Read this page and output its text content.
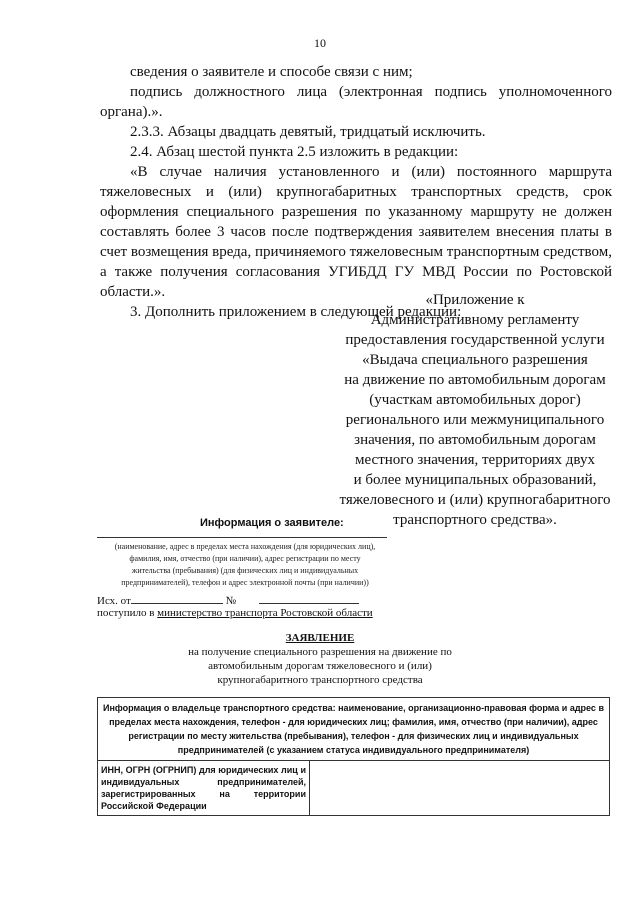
10

сведения о заявителе и способе связи с ним;

подпись должностного лица (электронная подпись уполномоченного органа).».

2.3.3. Абзацы двадцать девятый, тридцатый исключить.

2.4. Абзац шестой пункта 2.5 изложить в редакции:

«В случае наличия установленного и (или) постоянного маршрута тяжеловесных и (или) крупногабаритных транспортных средств, срок оформления специального разрешения по указанному маршруту не должен составлять более 3 часов после подтверждения заявителем внесения платы в счет возмещения вреда, причиняемого тяжеловесным транспортным средством, а также получения согласования УГИБДД ГУ МВД России по Ростовской области.».

3. Дополнить приложением в следующей редакции:

«Приложение к
Административному регламенту
предоставления государственной услуги
«Выдача специального разрешения
на движение по автомобильным дорогам
(участкам автомобильных дорог)
регионального или межмуниципального
значения, по автомобильным дорогам
местного значения, территориях двух
и более муниципальных образований,
тяжеловесного и (или) крупногабаритного
транспортного средства».
Информация о заявителе:
(наименование, адрес в пределах места нахождения (для юридических лиц), фамилия, имя, отчество (при наличии), адрес регистрации по месту жительства (пребывания) (для физических лиц и индивидуальных предпринимателей), телефон и адрес электронной почты (при наличии))
Исх. от	№
поступило в министерство транспорта Ростовской области
ЗАЯВЛЕНИЕ
на получение специального разрешения на движение по
автомобильным дорогам тяжеловесного и (или)
крупногабаритного транспортного средства
Информация о владельце транспортного средства: наименование, организационно-правовая форма и адрес в пределах места нахождения, телефон - для юридических лиц; фамилия, имя, отчество (при наличии), адрес регистрации по месту жительства (пребывания), телефон - для физических лиц и индивидуальных предпринимателей (с указанием статуса индивидуального предпринимателя)
ИНН, ОГРН (ОГРНИП) для юридических лиц и индивидуальных предпринимателей, зарегистрированных на территории Российской Федерации	
